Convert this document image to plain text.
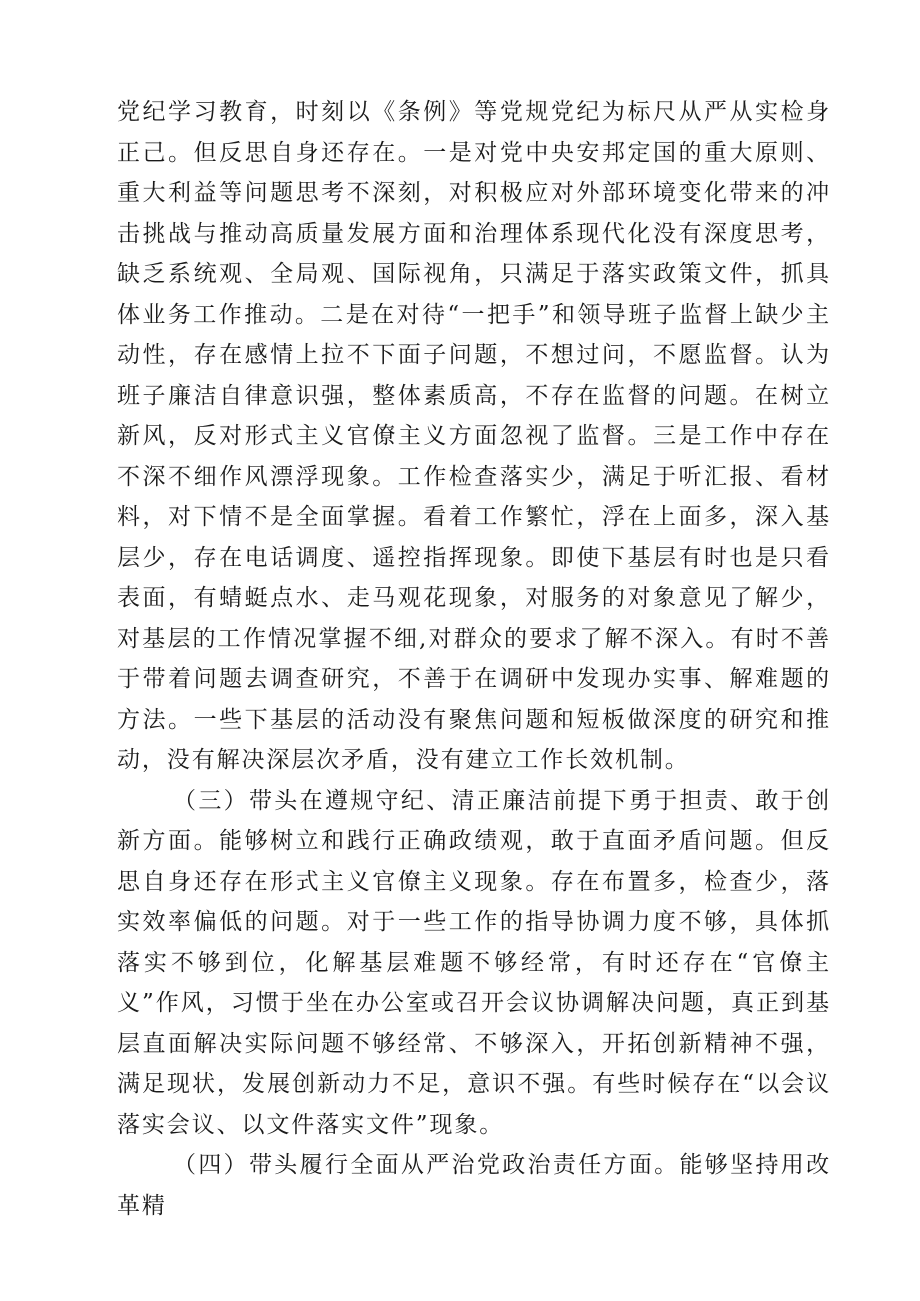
党纪学习教育，时刻以《条例》等党规党纪为标尺从严从实检身正己。但反思自身还存在。一是对党中央安邦定国的重大原则、重大利益等问题思考不深刻，对积极应对外部环境变化带来的冲击挑战与推动高质量发展方面和治理体系现代化没有深度思考，缺乏系统观、全局观、国际视角，只满足于落实政策文件，抓具体业务工作推动。二是在对待“一把手”和领导班子监督上缺少主动性，存在感情上拉不下面子问题，不想过问，不愿监督。认为班子廉洁自律意识强，整体素质高，不存在监督的问题。在树立新风，反对形式主义官僚主义方面忽视了监督。三是工作中存在不深不细作风漂浮现象。工作检查落实少，满足于听汇报、看材料，对下情不是全面掌握。看着工作繁忙，浮在上面多，深入基层少，存在电话调度、遥控指挥现象。即使下基层有时也是只看表面，有蜻蜓点水、走马观花现象，对服务的对象意见了解少，对基层的工作情况掌握不细,对群众的要求了解不深入。有时不善于带着问题去调查研究，不善于在调研中发现办实事、解难题的方法。一些下基层的活动没有聚焦问题和短板做深度的研究和推动，没有解决深层次矛盾，没有建立工作长效机制。

（三）带头在遵规守纪、清正廉洁前提下勇于担责、敢于创新方面。能够树立和践行正确政绩观，敢于直面矛盾问题。但反思自身还存在形式主义官僚主义现象。存在布置多，检查少，落实效率偏低的问题。对于一些工作的指导协调力度不够，具体抓落实不够到位，化解基层难题不够经常，有时还存在“官僚主义”作风，习惯于坐在办公室或召开会议协调解决问题，真正到基层直面解决实际问题不够经常、不够深入，开拓创新精神不强，满足现状，发展创新动力不足，意识不强。有些时候存在“以会议落实会议、以文件落实文件”现象。

（四）带头履行全面从严治党政治责任方面。能够坚持用改革精
